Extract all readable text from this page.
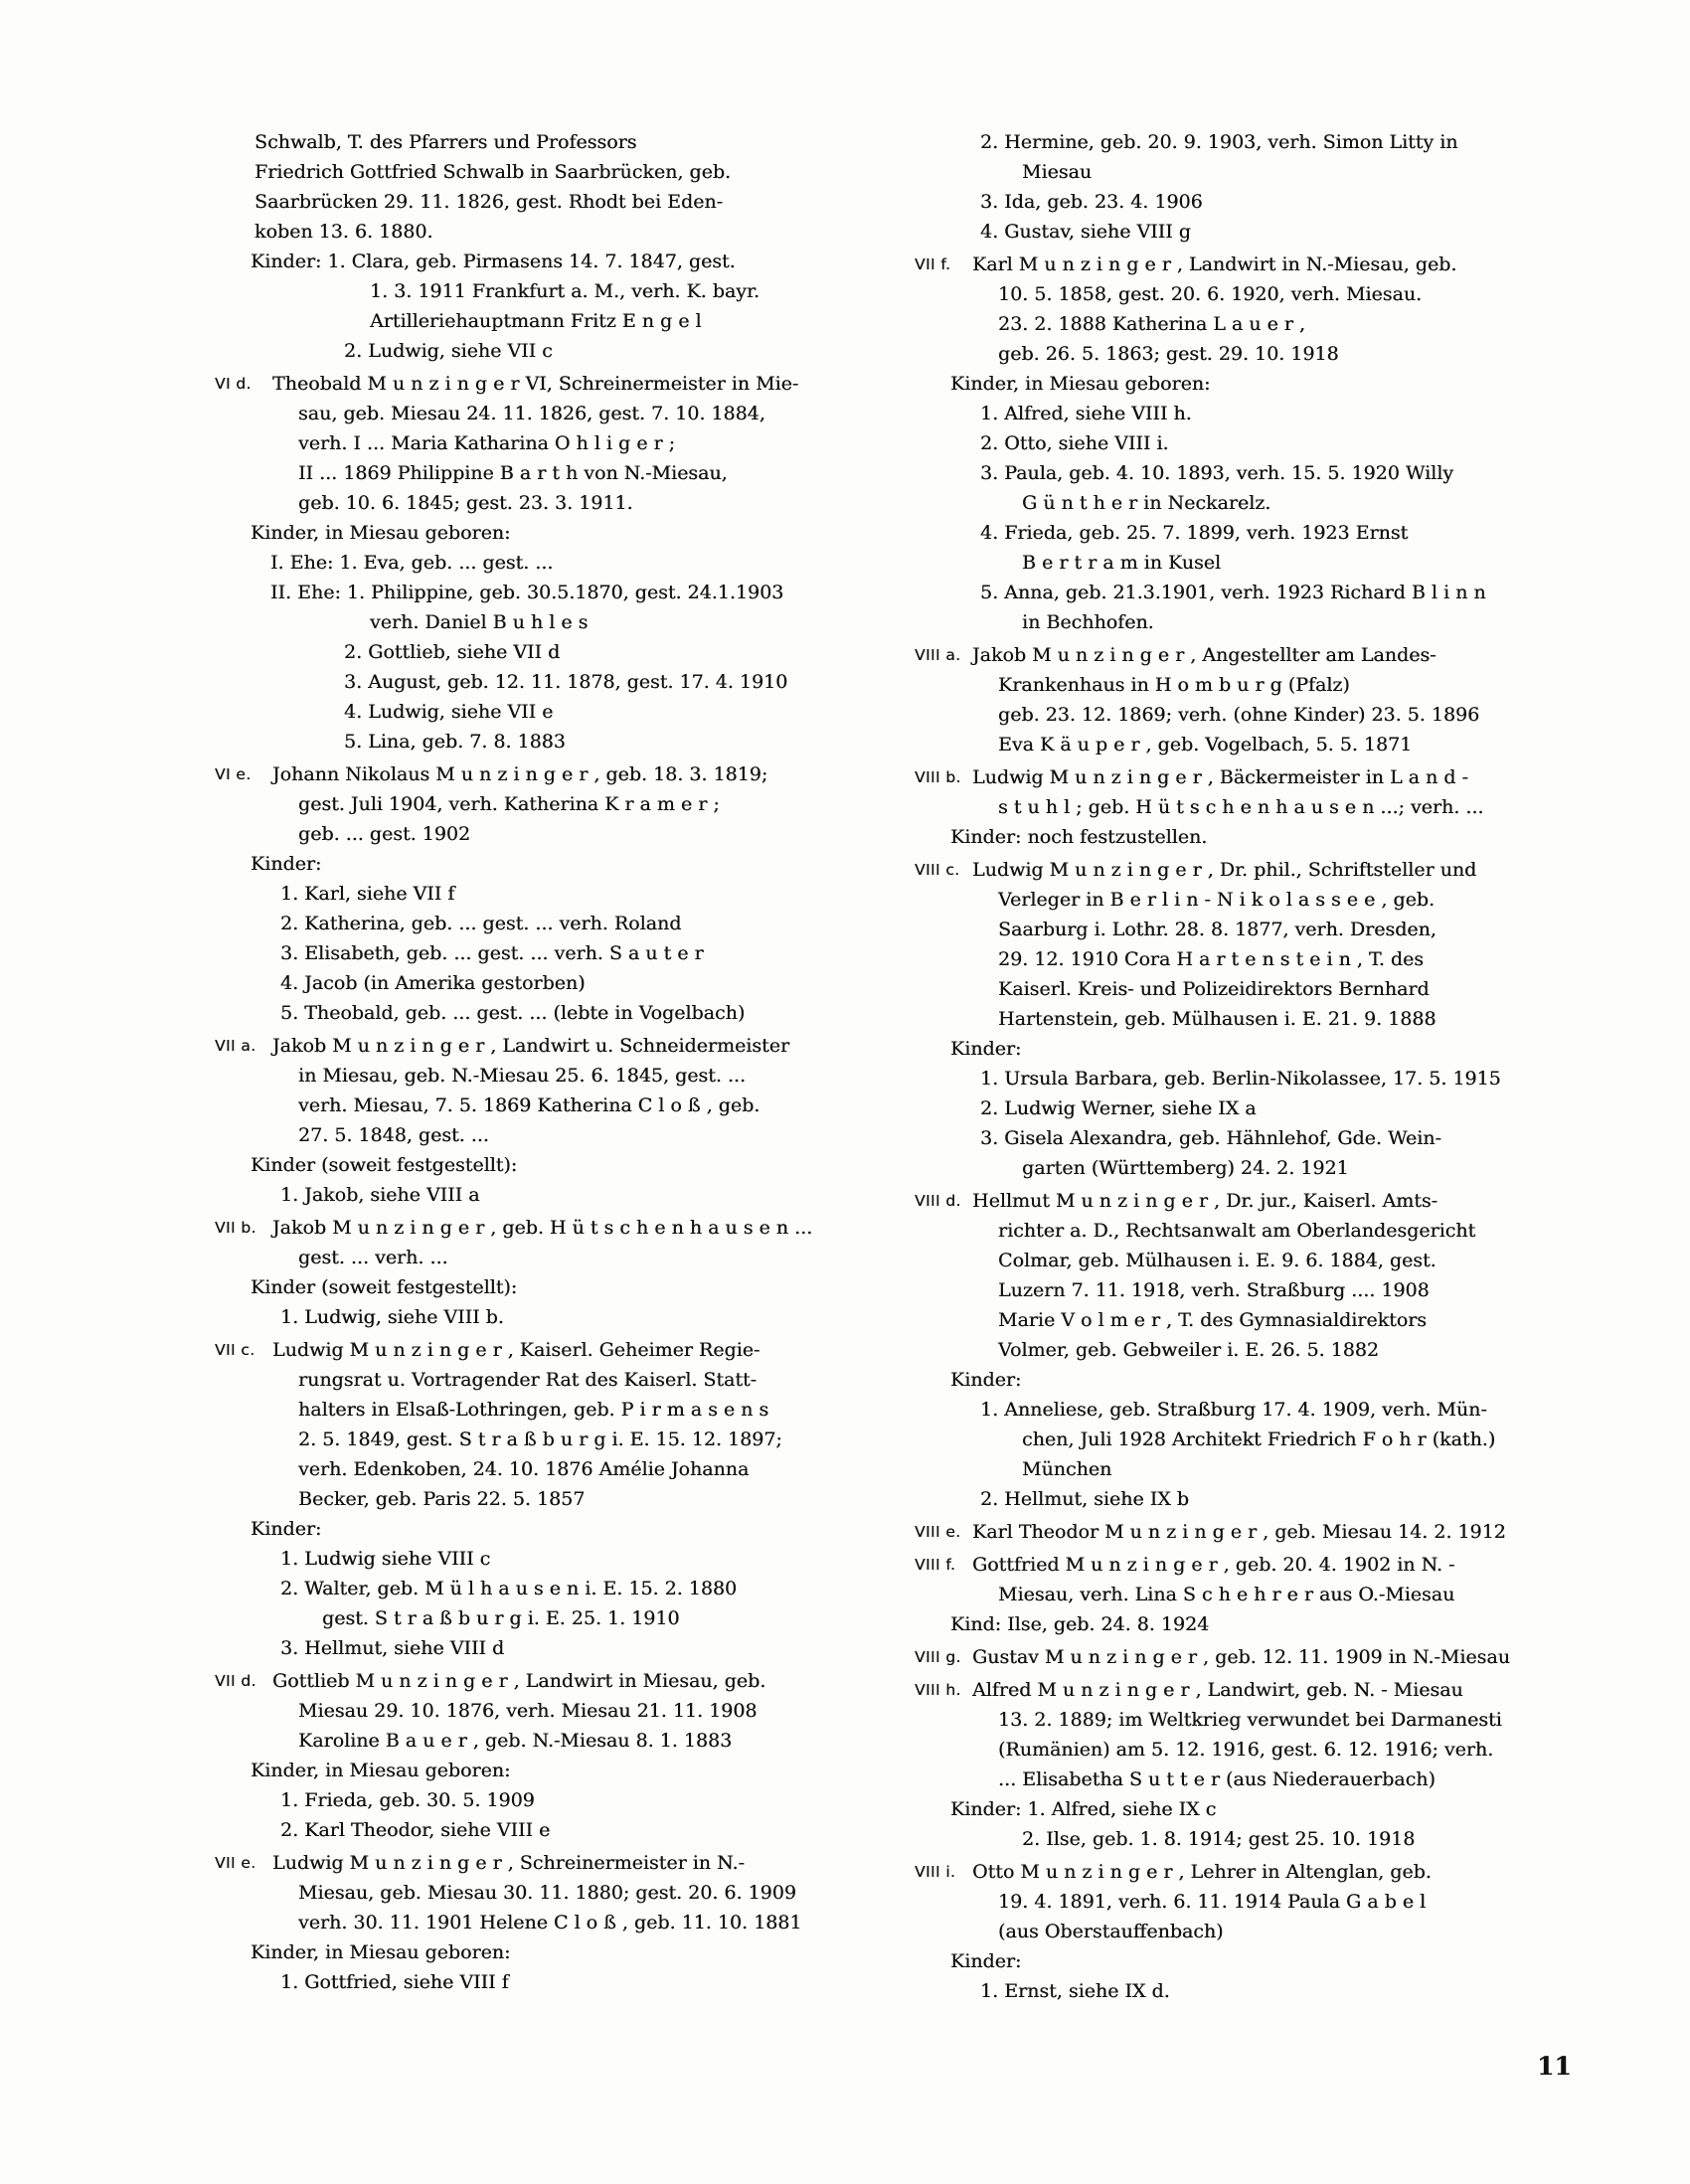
Schwalb, T. des Pfarrers und Professors
Friedrich Gottfried Schwalb in Saarbrücken, geb.
Saarbrücken 29. 11. 1826, gest. Rhodt bei Eden-
koben 13. 6. 1880.
Kinder: 1. Clara, geb. Pirmasens 14. 7. 1847, gest.
1. 3. 1911 Frankfurt a. M., verh. K. bayr.
Artilleriehauptmann Fritz E n g e l
2. Ludwig, siehe VII c
VI d.	Theobald M u n z i n g e r VI, Schreinermeister in Mie-
sau, geb. Miesau 24. 11. 1826, gest. 7. 10. 1884,
verh. I ... Maria Katharina O h l i g e r ;
II ... 1869 Philippine B a r t h von N.-Miesau,
geb. 10. 6. 1845; gest. 23. 3. 1911.
Kinder, in Miesau geboren:
I. Ehe: 1. Eva, geb. ... gest. ...
II. Ehe: 1. Philippine, geb. 30.5.1870, gest. 24.1.1903
verh. Daniel B u h l e s
2. Gottlieb, siehe VII d
3. August, geb. 12. 11. 1878, gest. 17. 4. 1910
4. Ludwig, siehe VII e
5. Lina, geb. 7. 8. 1883
VI e.	Johann Nikolaus M u n z i n g e r , geb. 18. 3. 1819;
gest. Juli 1904, verh. Katherina K r a m e r ;
geb. ... gest. 1902
Kinder:
1. Karl, siehe VII f
2. Katherina, geb. ... gest. ... verh. Roland
3. Elisabeth, geb. ... gest. ... verh. S a u t e r
4. Jacob (in Amerika gestorben)
5. Theobald, geb. ... gest. ... (lebte in Vogelbach)
VII a. Jakob M u n z i n g e r , Landwirt u. Schneidermeister
in Miesau, geb. N.-Miesau 25. 6. 1845, gest. ...
verh. Miesau, 7. 5. 1869 Katherina C l o ß , geb.
27. 5. 1848, gest. ...
Kinder (soweit festgestellt):
1. Jakob, siehe VIII a
VII b. Jakob M u n z i n g e r , geb. H ü t s c h e n h a u s e n ...
gest. ... verh. ...
Kinder (soweit festgestellt):
1. Ludwig, siehe VIII b.
VII c. Ludwig M u n z i n g e r , Kaiserl. Geheimer Regie-
rungsrat u. Vortragender Rat des Kaiserl. Statt-
halters in Elsaß-Lothringen, geb. P i r m a s e n s
2. 5. 1849, gest. S t r a ß b u r g i. E. 15. 12. 1897;
verh. Edenkoben, 24. 10. 1876 Amélie Johanna
Becker, geb. Paris 22. 5. 1857
Kinder:
1. Ludwig siehe VIII c
2. Walter, geb. M ü l h a u s e n i. E. 15. 2. 1880
gest. S t r a ß b u r g i. E. 25. 1. 1910
3. Hellmut, siehe VIII d
VII d. Gottlieb M u n z i n g e r , Landwirt in Miesau, geb.
Miesau 29. 10. 1876, verh. Miesau 21. 11. 1908
Karoline B a u e r , geb. N.-Miesau 8. 1. 1883
Kinder, in Miesau geboren:
1. Frieda, geb. 30. 5. 1909
2. Karl Theodor, siehe VIII e
VII e. Ludwig M u n z i n g e r , Schreinermeister in N.-
Miesau, geb. Miesau 30. 11. 1880; gest. 20. 6. 1909
verh. 30. 11. 1901 Helene C l o ß , geb. 11. 10. 1881
Kinder, in Miesau geboren:
1. Gottfried, siehe VIII f
2. Hermine, geb. 20. 9. 1903, verh. Simon Litty in
Miesau
3. Ida, geb. 23. 4. 1906
4. Gustav, siehe VIII g
VII f.	Karl M u n z i n g e r , Landwirt in N.-Miesau, geb.
10. 5. 1858, gest. 20. 6. 1920, verh. Miesau.
23. 2. 1888 Katherina L a u e r ,
geb. 26. 5. 1863; gest. 29. 10. 1918
Kinder, in Miesau geboren:
1. Alfred, siehe VIII h.
2. Otto, siehe VIII i.
3. Paula, geb. 4. 10. 1893, verh. 15. 5. 1920 Willy
G ü n t h e r in Neckarelz.
4. Frieda, geb. 25. 7. 1899, verh. 1923 Ernst
B e r t r a m in Kusel
5. Anna, geb. 21.3.1901, verh. 1923 Richard B l i n n
in Bechhofen.
VIII a. Jakob M u n z i n g e r , Angestellter am Landes-
Krankenhaus in H o m b u r g (Pfalz)
geb. 23. 12. 1869; verh. (ohne Kinder) 23. 5. 1896
Eva K ä u p e r , geb. Vogelbach, 5. 5. 1871
VIII b. Ludwig M u n z i n g e r , Bäckermeister in L a n d -
s t u h l ; geb. H ü t s c h e n h a u s e n ...; verh. ...
Kinder: noch festzustellen.
VIII c. Ludwig M u n z i n g e r , Dr. phil., Schriftsteller und
Verleger in B e r l i n - N i k o l a s s e e , geb.
Saarburg i. Lothr. 28. 8. 1877, verh. Dresden,
29. 12. 1910 Cora H a r t e n s t e i n , T. des
Kaiserl. Kreis- und Polizeidirektors Bernhard
Hartenstein, geb. Mülhausen i. E. 21. 9. 1888
Kinder:
1. Ursula Barbara, geb. Berlin-Nikolassee, 17. 5. 1915
2. Ludwig Werner, siehe IX a
3. Gisela Alexandra, geb. Hähnlehof, Gde. Wein-
garten (Württemberg) 24. 2. 1921
VIII d. Hellmut M u n z i n g e r , Dr. jur., Kaiserl. Amts-
richter a. D., Rechtsanwalt am Oberlandesgericht
Colmar, geb. Mülhausen i. E. 9. 6. 1884, gest.
Luzern 7. 11. 1918, verh. Straßburg .... 1908
Marie V o l m e r , T. des Gymnasialdirektors
Volmer, geb. Gebweiler i. E. 26. 5. 1882
Kinder:
1. Anneliese, geb. Straßburg 17. 4. 1909, verh. Mün-
chen, Juli 1928 Architekt Friedrich F o h r (kath.)
München
2. Hellmut, siehe IX b
VIII e. Karl Theodor M u n z i n g e r , geb. Miesau 14. 2. 1912
VIII f. Gottfried M u n z i n g e r , geb. 20. 4. 1902 in N. -
Miesau, verh. Lina S c h e h r e r aus O.-Miesau
Kind: Ilse, geb. 24. 8. 1924
VIII g. Gustav M u n z i n g e r , geb. 12. 11. 1909 in N.-Miesau
VIII h. Alfred M u n z i n g e r , Landwirt, geb. N. - Miesau
13. 2. 1889; im Weltkrieg verwundet bei Darmanesti
(Rumänien) am 5. 12. 1916, gest. 6. 12. 1916; verh.
... Elisabetha S u t t e r (aus Niederauerbach)
Kinder: 1. Alfred, siehe IX c
2. Ilse, geb. 1. 8. 1914; gest 25. 10. 1918
VIII i. Otto M u n z i n g e r , Lehrer in Altenglan, geb.
19. 4. 1891, verh. 6. 11. 1914 Paula G a b e l
(aus Oberstauffenbach)
Kinder:
1. Ernst, siehe IX d.
11
